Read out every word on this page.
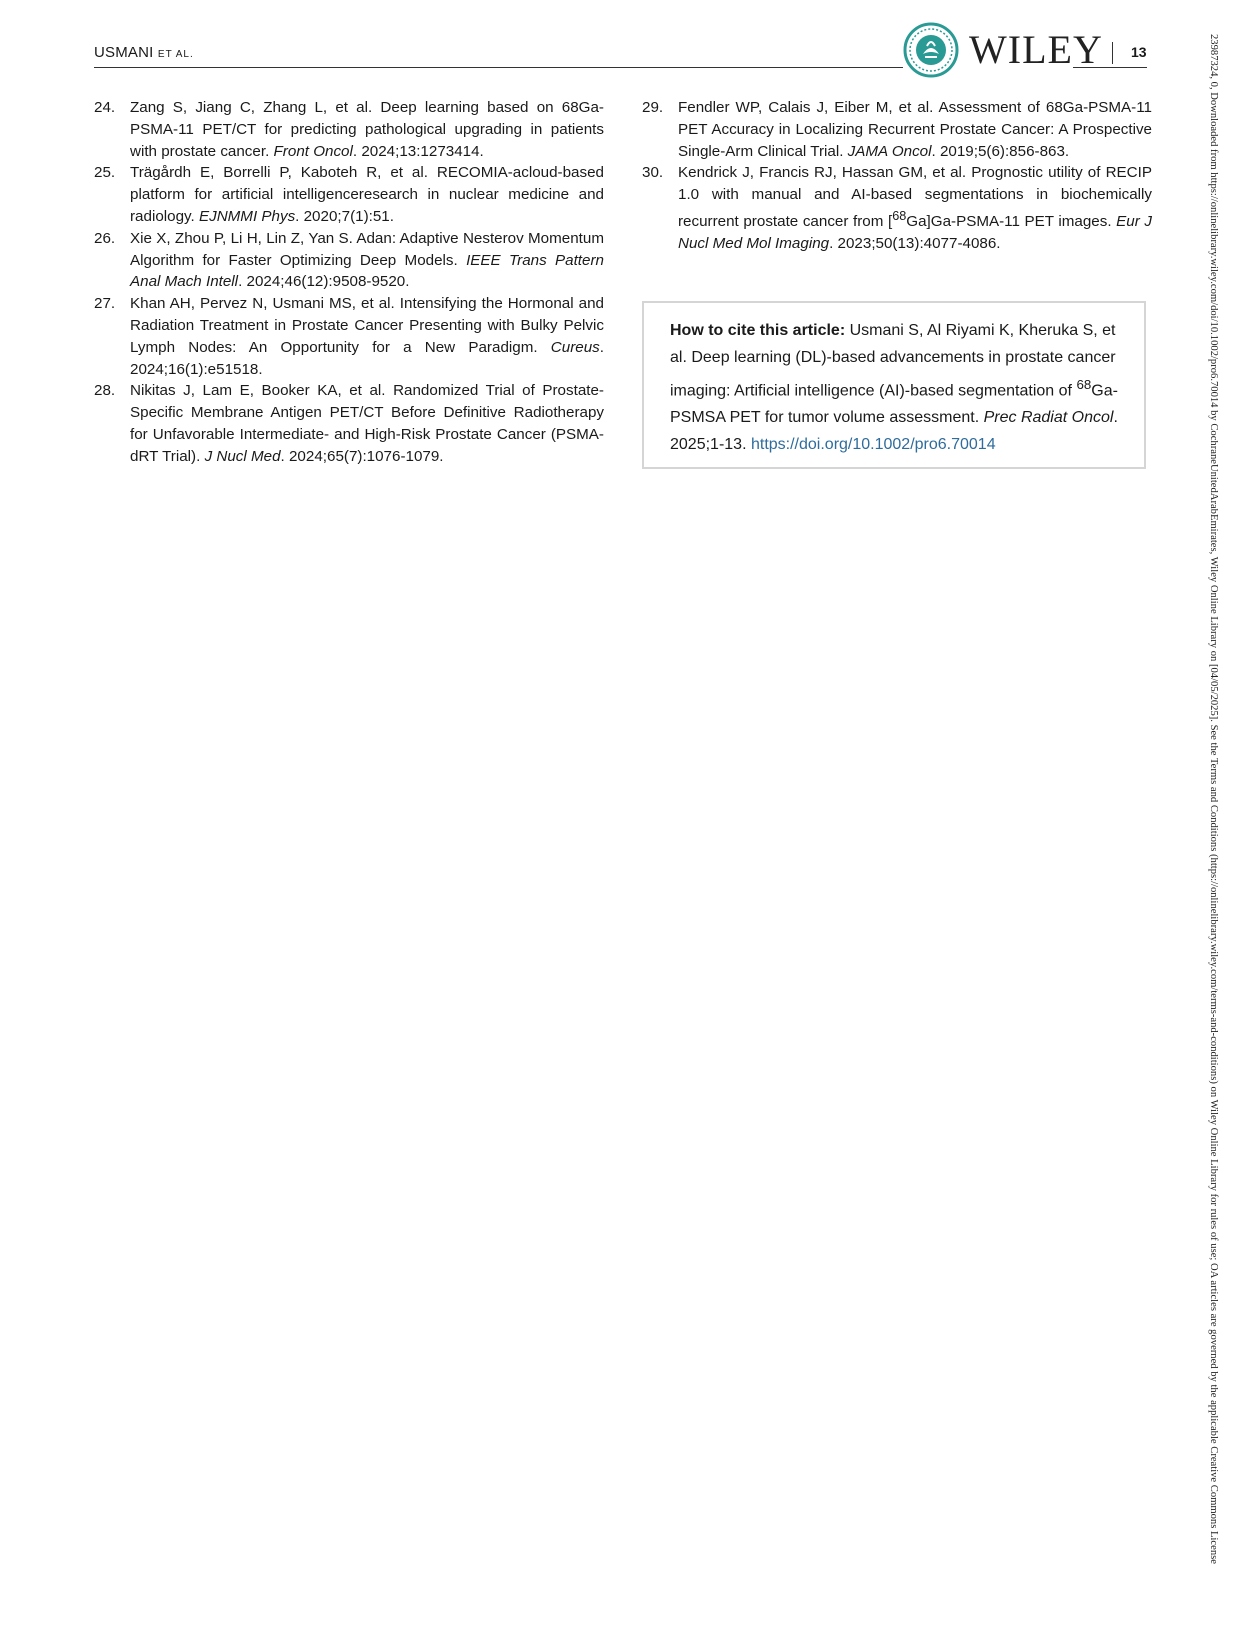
USMANI ET AL.	WILEY 13
24. Zang S, Jiang C, Zhang L, et al. Deep learning based on 68Ga-PSMA-11 PET/CT for predicting pathological upgrading in patients with prostate cancer. Front Oncol. 2024;13:1273414.
25. Trägårdh E, Borrelli P, Kaboteh R, et al. RECOMIA-acloud-based platform for artificial intelligenceresearch in nuclear medicine and radiology. EJNMMI Phys. 2020;7(1):51.
26. Xie X, Zhou P, Li H, Lin Z, Yan S. Adan: Adaptive Nesterov Momentum Algorithm for Faster Optimizing Deep Models. IEEE Trans Pattern Anal Mach Intell. 2024;46(12):9508-9520.
27. Khan AH, Pervez N, Usmani MS, et al. Intensifying the Hormonal and Radiation Treatment in Prostate Cancer Presenting with Bulky Pelvic Lymph Nodes: An Opportunity for a New Paradigm. Cureus. 2024;16(1):e51518.
28. Nikitas J, Lam E, Booker KA, et al. Randomized Trial of Prostate-Specific Membrane Antigen PET/CT Before Definitive Radiotherapy for Unfavorable Intermediate- and High-Risk Prostate Cancer (PSMA-dRT Trial). J Nucl Med. 2024;65(7):1076-1079.
29. Fendler WP, Calais J, Eiber M, et al. Assessment of 68Ga-PSMA-11 PET Accuracy in Localizing Recurrent Prostate Cancer: A Prospective Single-Arm Clinical Trial. JAMA Oncol. 2019;5(6):856-863.
30. Kendrick J, Francis RJ, Hassan GM, et al. Prognostic utility of RECIP 1.0 with manual and AI-based segmentations in biochemically recurrent prostate cancer from [$^{68}$Ga]Ga-PSMA-11 PET images. Eur J Nucl Med Mol Imaging. 2023;50(13):4077-4086.
How to cite this article: Usmani S, Al Riyami K, Kheruka S, et al. Deep learning (DL)-based advancements in prostate cancer imaging: Artificial intelligence (AI)-based segmentation of $^{68}$Ga-PSMSA PET for tumor volume assessment. Prec Radiat Oncol. 2025;1-13. https://doi.org/10.1002/pro6.70014	23987324, 0, Downloaded from https://onlinelibrary.wiley.com/doi/10.1002/pro6.70014 by CochraneUnitedArabEmirates, Wiley Online Library on [04/05/2025]. See the Terms and Conditions (https://onlinelibrary.wiley.com/terms-and-conditions) on Wiley Online Library for rules of use; OA articles are governed by the applicable Creative Commons License
